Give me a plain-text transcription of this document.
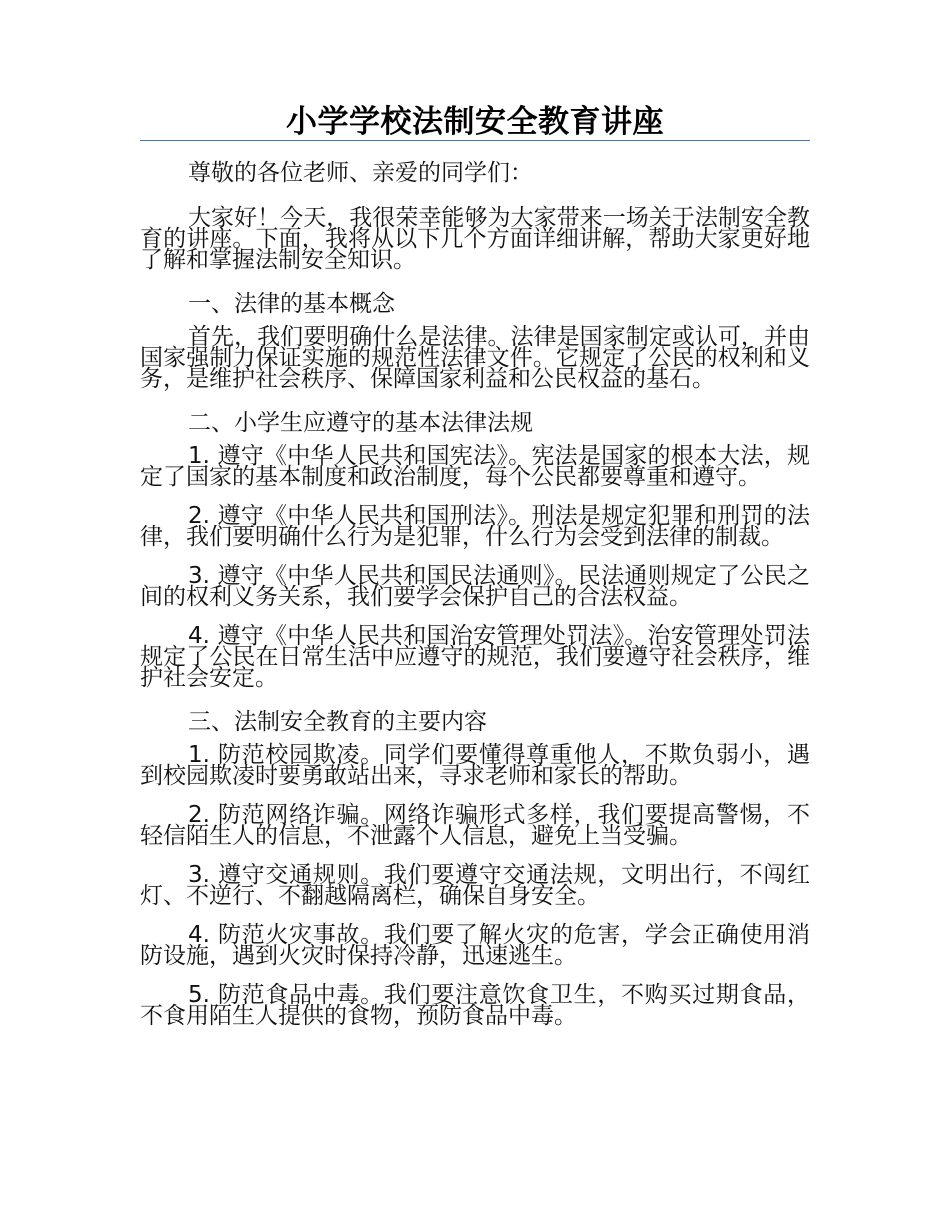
小学学校法制安全教育讲座

尊敬的各位老师、亲爱的同学们：

大家好！今天，我很荣幸能够为大家带来一场关于法制安全教育的讲座。下面，我将从以下几个方面详细讲解，帮助大家更好地了解和掌握法制安全知识。

一、法律的基本概念

首先，我们要明确什么是法律。法律是国家制定或认可，并由国家强制力保证实施的规范性法律文件。它规定了公民的权利和义务，是维护社会秩序、保障国家利益和公民权益的基石。

二、小学生应遵守的基本法律法规

1. 遵守《中华人民共和国宪法》。宪法是国家的根本大法，规定了国家的基本制度和政治制度，每个公民都要尊重和遵守。

2. 遵守《中华人民共和国刑法》。刑法是规定犯罪和刑罚的法律，我们要明确什么行为是犯罪，什么行为会受到法律的制裁。

3. 遵守《中华人民共和国民法通则》。民法通则规定了公民之间的权利义务关系，我们要学会保护自己的合法权益。

4. 遵守《中华人民共和国治安管理处罚法》。治安管理处罚法规定了公民在日常生活中应遵守的规范，我们要遵守社会秩序，维护社会安定。

三、法制安全教育的主要内容

1. 防范校园欺凌。同学们要懂得尊重他人，不欺负弱小，遇到校园欺凌时要勇敢站出来，寻求老师和家长的帮助。

2. 防范网络诈骗。网络诈骗形式多样，我们要提高警惕，不轻信陌生人的信息，不泄露个人信息，避免上当受骗。

3. 遵守交通规则。我们要遵守交通法规，文明出行，不闯红灯、不逆行、不翻越隔离栏，确保自身安全。

4. 防范火灾事故。我们要了解火灾的危害，学会正确使用消防设施，遇到火灾时保持冷静，迅速逃生。

5. 防范食品中毒。我们要注意饮食卫生，不购买过期食品，不食用陌生人提供的食物，预防食品中毒。
